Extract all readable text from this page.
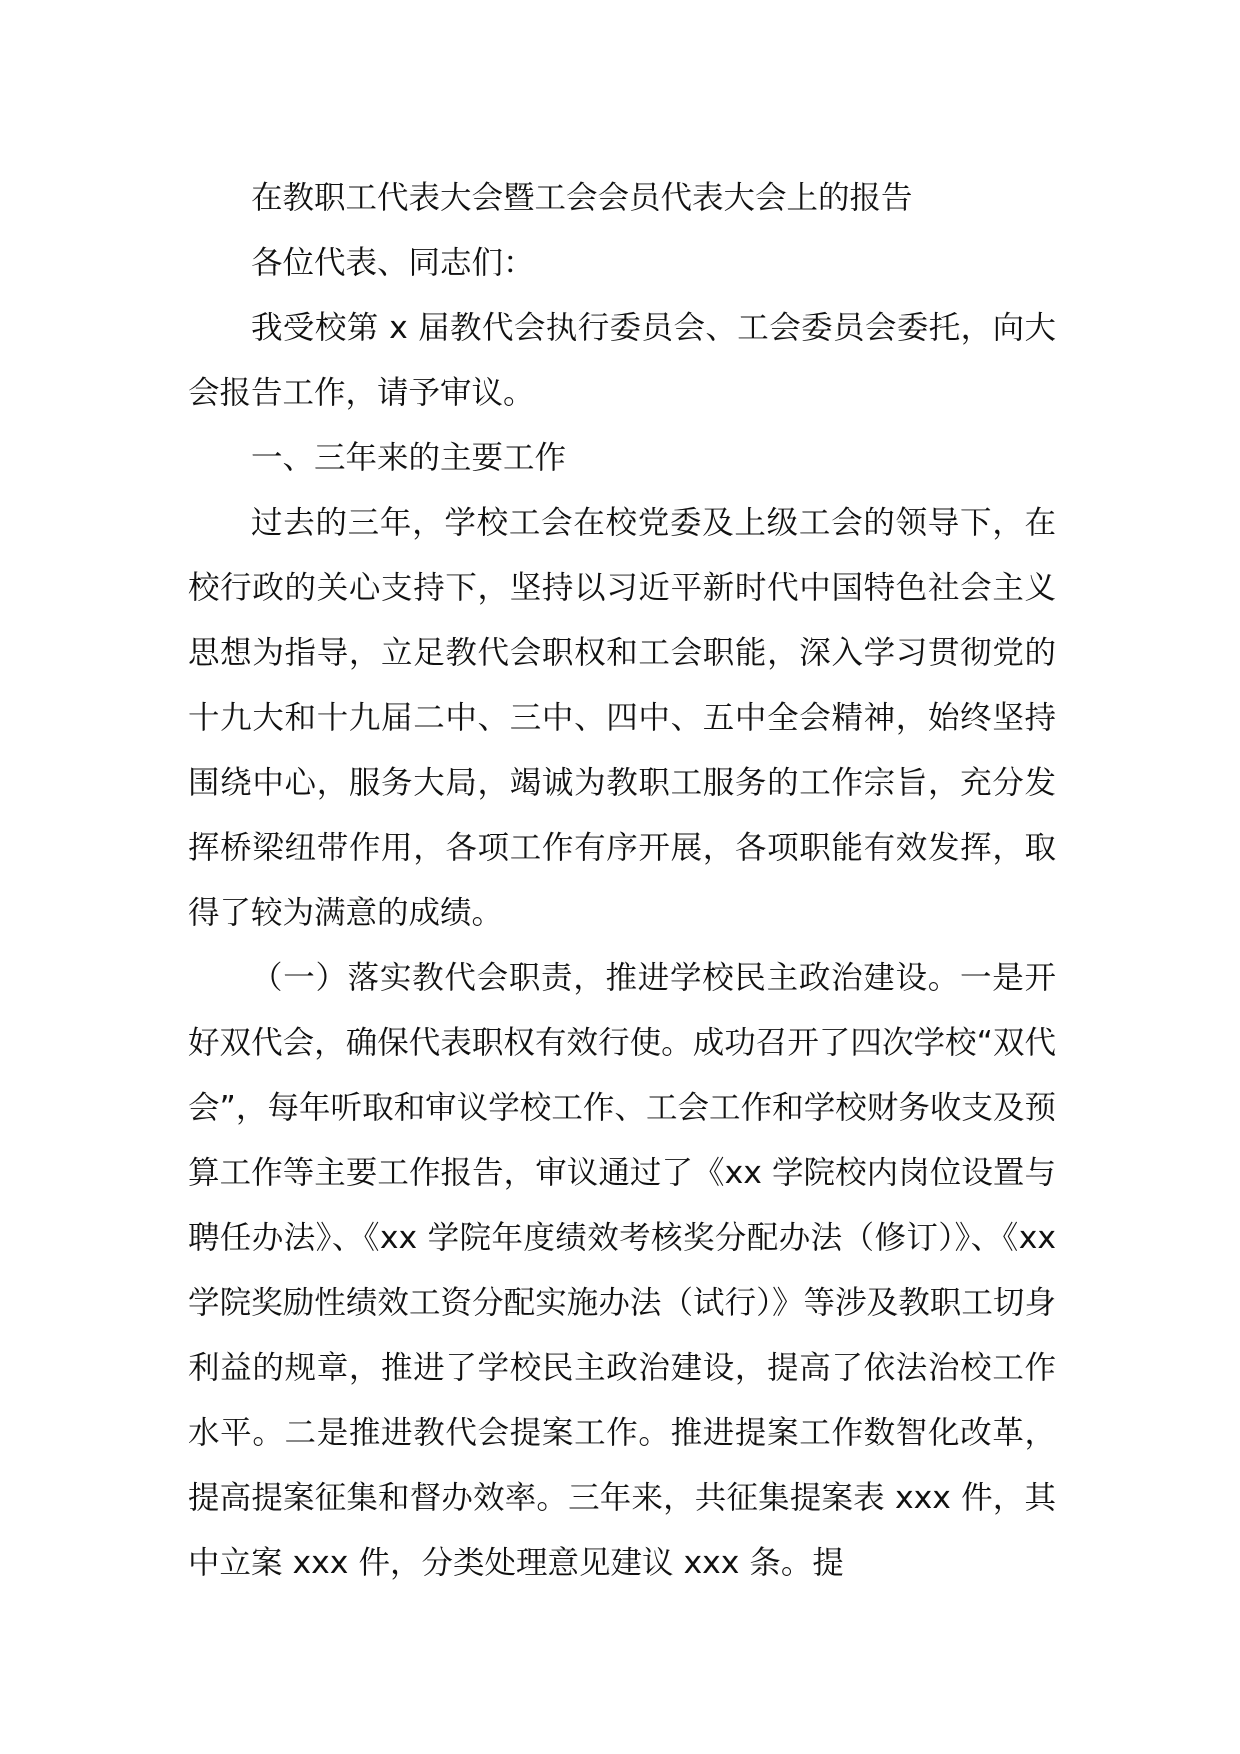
在教职工代表大会暨工会会员代表大会上的报告

各位代表、同志们：

我受校第 x 届教代会执行委员会、工会委员会委托，向大会报告工作，请予审议。

一、三年来的主要工作

过去的三年，学校工会在校党委及上级工会的领导下，在校行政的关心支持下，坚持以习近平新时代中国特色社会主义思想为指导，立足教代会职权和工会职能，深入学习贯彻党的十九大和十九届二中、三中、四中、五中全会精神，始终坚持围绕中心，服务大局，竭诚为教职工服务的工作宗旨，充分发挥桥梁纽带作用，各项工作有序开展，各项职能有效发挥，取得了较为满意的成绩。

（一）落实教代会职责，推进学校民主政治建设。一是开好双代会，确保代表职权有效行使。成功召开了四次学校“双代会”，每年听取和审议学校工作、工会工作和学校财务收支及预算工作等主要工作报告，审议通过了《xx 学院校内岗位设置与聘任办法》、《xx 学院年度绩效考核奖分配办法（修订）》、《xx 学院奖励性绩效工资分配实施办法（试行）》等涉及教职工切身利益的规章，推进了学校民主政治建设，提高了依法治校工作水平。二是推进教代会提案工作。推进提案工作数智化改革，提高提案征集和督办效率。三年来，共征集提案表 xxx 件，其中立案 xxx 件，分类处理意见建议 xxx 条。提
